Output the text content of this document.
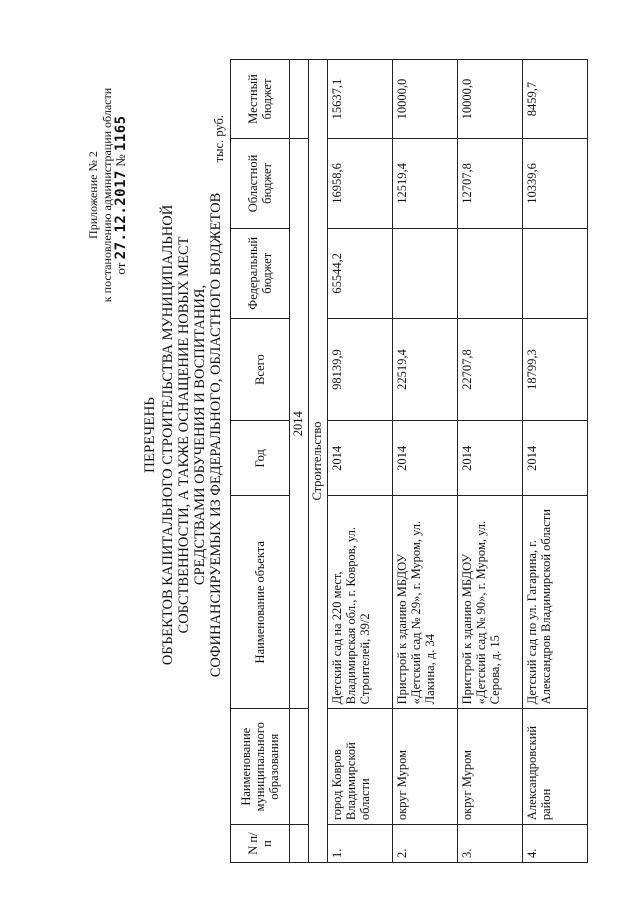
Приложение № 2 к постановлению администрации области от 27.12.2017 № 1165
ПЕРЕЧЕНЬ ОБЪЕКТОВ КАПИТАЛЬНОГО СТРОИТЕЛЬСТВА МУНИЦИПАЛЬНОЙ СОБСТВЕННОСТИ, А ТАКЖЕ ОСНАЩЕНИЕ НОВЫХ МЕСТ СРЕДСТВАМИ ОБУЧЕНИЯ И ВОСПИТАНИЯ, СОФИНАНСИРУЕМЫХ ИЗ ФЕДЕРАЛЬНОГО, ОБЛАСТНОГО БЮДЖЕТОВ
тыс. руб.
N п/п	Наименование муниципального образования	Наименование объекта	Год	Всего	Федеральный бюджет	Областной бюджет	Местный бюджет
		2014					
Строительство							
1.	город Ковров Владимирской области	Детский сад на 220 мест, Владимирская обл., г. Ковров, ул. Строителей, 39/2	2014	98139,9	65544,2	16958,6	15637,1
2.	округ Муром	Пристрой к зданию МБДОУ «Детский сад № 29», г. Муром, ул. Лакина, д. 34	2014	22519,4		12519,4	10000,0
3.	округ Муром	Пристрой к зданию МБДОУ «Детский сад № 90», г. Муром, ул. Серова, д. 15	2014	22707,8		12707,8	10000,0
4.	Александровский район	Детский сад по ул. Гагарина, г. Александров Владимирской области	2014	18799,3		10339,6	8459,7
